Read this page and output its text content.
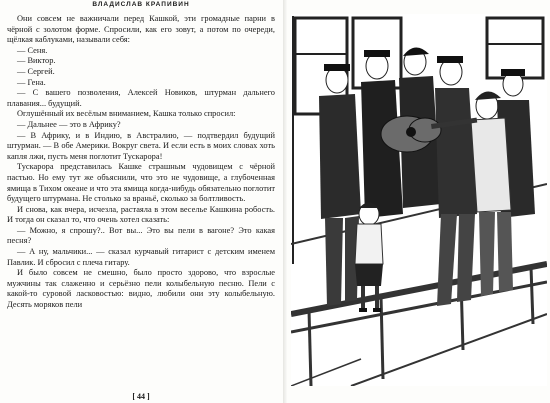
ВЛАДИСЛАВ КРАПИВИН

Они совсем не важничали перед Кашкой, эти громадные парни в чёрной с золотом форме. Спросили, как его зовут, а потом по очереди, щёлкая каблуками, называли себя:

— Сеня.

— Виктор.

— Сергей.

— Гена.

— С вашего позволения, Алексей Новиков, штурман дальнего плавания... будущий.

Оглушённый их весёлым вниманием, Кашка только спросил:

— Дальнее — это в Африку?

— В Африку, и в Индию, в Австралию, — подтвердил будущий штурман. — В обе Америки. Вокруг света. И если есть в моих словах хоть капля лжи, пусть меня поглотит Тускарора!

Тускарора представилась Кашке страшным чудовищем с чёрной пастью. Но ему тут же объяснили, что это не чудовище, а глубоченная ямища в Тихом океане и что эта ямища когда-нибудь обязательно поглотит будущего штурмана. Не столько за враньё, сколько за болтливость.

И снова, как вчера, исчезла, растаяла в этом веселье Кашкина робость. И тогда он сказал то, что очень хотел сказать:

— Можно, я спрошу?.. Вот вы... Это вы пели в вагоне? Это какая песня?

— А ну, мальчики... — сказал курчавый гитарист с детским именем Павлик. И сбросил с плеча гитару.

И было совсем не смешно, было просто здорово, что взрослые мужчины так слаженно и серьёзно пели колыбельную песню. Пели с какой-то суровой ласковостью: видно, любили они эту колыбельную. Десять моряков пели

[ 44 ]
